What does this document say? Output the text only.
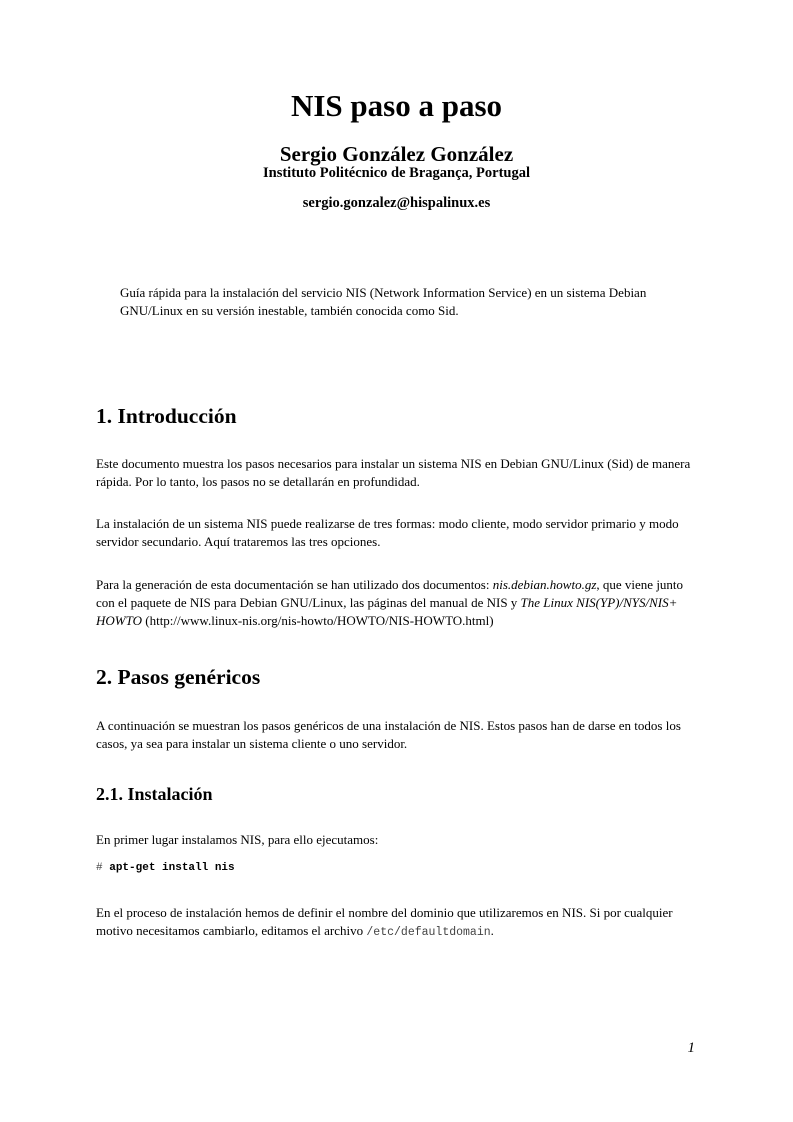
NIS paso a paso
Sergio González González
Instituto Politécnico de Bragança, Portugal
sergio.gonzalez@hispalinux.es
Guía rápida para la instalación del servicio NIS (Network Information Service) en un sistema Debian GNU/Linux en su versión inestable, también conocida como Sid.
1. Introducción

Este documento muestra los pasos necesarios para instalar un sistema NIS en Debian GNU/Linux (Sid) de manera rápida. Por lo tanto, los pasos no se detallarán en profundidad.

La instalación de un sistema NIS puede realizarse de tres formas: modo cliente, modo servidor primario y modo servidor secundario. Aquí trataremos las tres opciones.

Para la generación de esta documentación se han utilizado dos documentos: nis.debian.howto.gz, que viene junto con el paquete de NIS para Debian GNU/Linux, las páginas del manual de NIS y The Linux NIS(YP)/NYS/NIS+ HOWTO (http://www.linux-nis.org/nis-howto/HOWTO/NIS-HOWTO.html)

2. Pasos genéricos

A continuación se muestran los pasos genéricos de una instalación de NIS. Estos pasos han de darse en todos los casos, ya sea para instalar un sistema cliente o uno servidor.

2.1. Instalación

En primer lugar instalamos NIS, para ello ejecutamos:

# apt-get install nis

En el proceso de instalación hemos de definir el nombre del dominio que utilizaremos en NIS. Si por cualquier motivo necesitamos cambiarlo, editamos el archivo /etc/defaultdomain.

1
